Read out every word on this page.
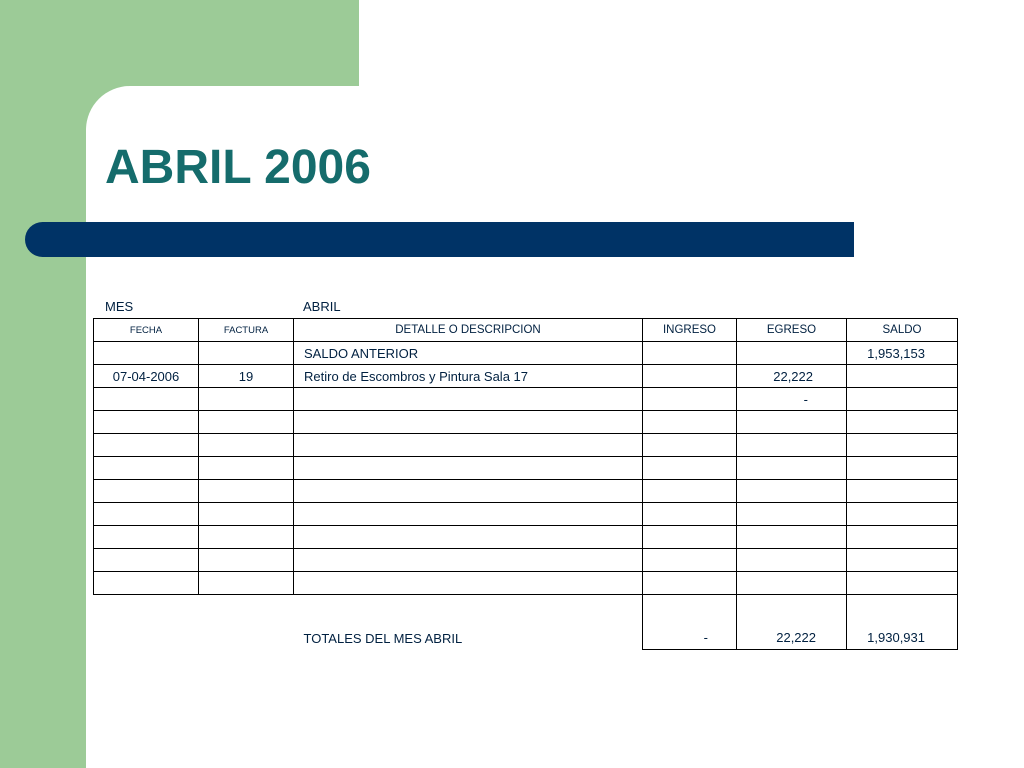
ABRIL 2006
MES	ABRIL
FECHA	FACTURA	DETALLE O DESCRIPCION	INGRESO	EGRESO	SALDO
		SALDO ANTERIOR			1,953,153
07-04-2006	19	Retiro de Escombros y Pintura Sala 17		22,222	
				-	

		TOTALES DEL MES ABRIL	-	22,222	1,930,931
